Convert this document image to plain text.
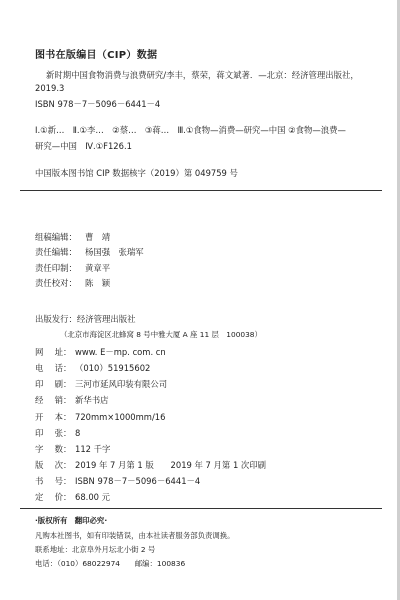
图书在版编目（CIP）数据
新时期中国食物消费与浪费研究/李丰，蔡荣，蒋文斌著．—北京：经济管理出版社，
2019.3
ISBN 978－7－5096－6441－4
Ⅰ.①新…　Ⅱ.①李…　②蔡…　③蒋…　Ⅲ.①食物—消费—研究—中国 ②食物—浪费—
研究—中国　Ⅳ.①F126.1
中国版本图书馆 CIP 数据核字（2019）第 049759 号
组稿编辑： 曹　靖
责任编辑： 杨国强　张瑞军
责任印制： 黄章平
责任校对： 陈　颖
出版发行：经济管理出版社
（北京市海淀区北蜂窝 8 号中雅大厦 A 座 11 层　100038）
网址： www. E－mp. com. cn
电话： （010）51915602
印刷： 三河市延风印装有限公司
经销： 新华书店
开本： 720mm×1000mm/16
印张： 8
字数： 112 千字
版次： 2019 年 7 月第 1 版　　2019 年 7 月第 1 次印刷
书号： ISBN 978－7－5096－6441－4
定价： 68.00 元
·版权所有　翻印必究·
凡购本社图书，如有印装错误，由本社读者服务部负责调换。
联系地址：北京阜外月坛北小街 2 号
电话：（010）68022974　　邮编：100836
